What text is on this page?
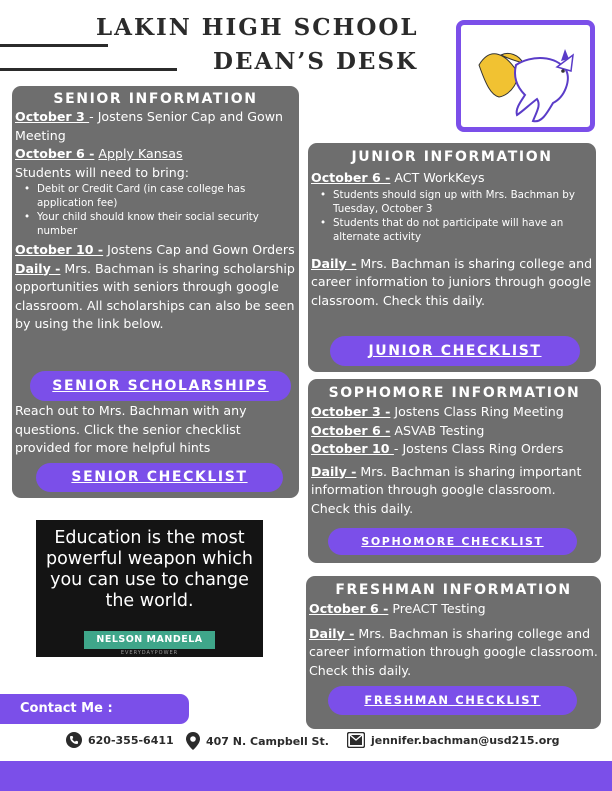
LAKIN HIGH SCHOOL
DEAN’S DESK
SENIOR INFORMATION
October 3 - Jostens Senior Cap and Gown Meeting
October 6 - Apply Kansas
Students will need to bring:
• Debit or Credit Card (in case college has application fee)
• Your child should know their social security number
October 10 - Jostens Cap and Gown Orders
Daily - Mrs. Bachman is sharing scholarship opportunities with seniors through google classroom. All scholarships can also be seen by using the link below.
Reach out to Mrs. Bachman with any questions. Click the senior checklist provided for more helpful hints
SENIOR SCHOLARSHIPS
SENIOR CHECKLIST
JUNIOR INFORMATION
October 6 - ACT WorkKeys
• Students should sign up with Mrs. Bachman by Tuesday, October 3
• Students that do not participate will have an alternate activity
Daily - Mrs. Bachman is sharing college and career information to juniors through google classroom. Check this daily.
JUNIOR CHECKLIST
SOPHOMORE INFORMATION
October 3 - Jostens Class Ring Meeting
October 6 - ASVAB Testing
October 10 - Jostens Class Ring Orders
Daily - Mrs. Bachman is sharing important information through google classroom. Check this daily.
SOPHOMORE CHECKLIST
FRESHMAN INFORMATION
October 6 - PreACT Testing
Daily - Mrs. Bachman is sharing college and career information through google classroom. Check this daily.
FRESHMAN CHECKLIST
Education is the most powerful weapon which you can use to change the world.
NELSON MANDELA
EVERYDAYPOWER
Contact Me :
620-355-6411	407 N. Campbell St.	jennifer.bachman@usd215.org
